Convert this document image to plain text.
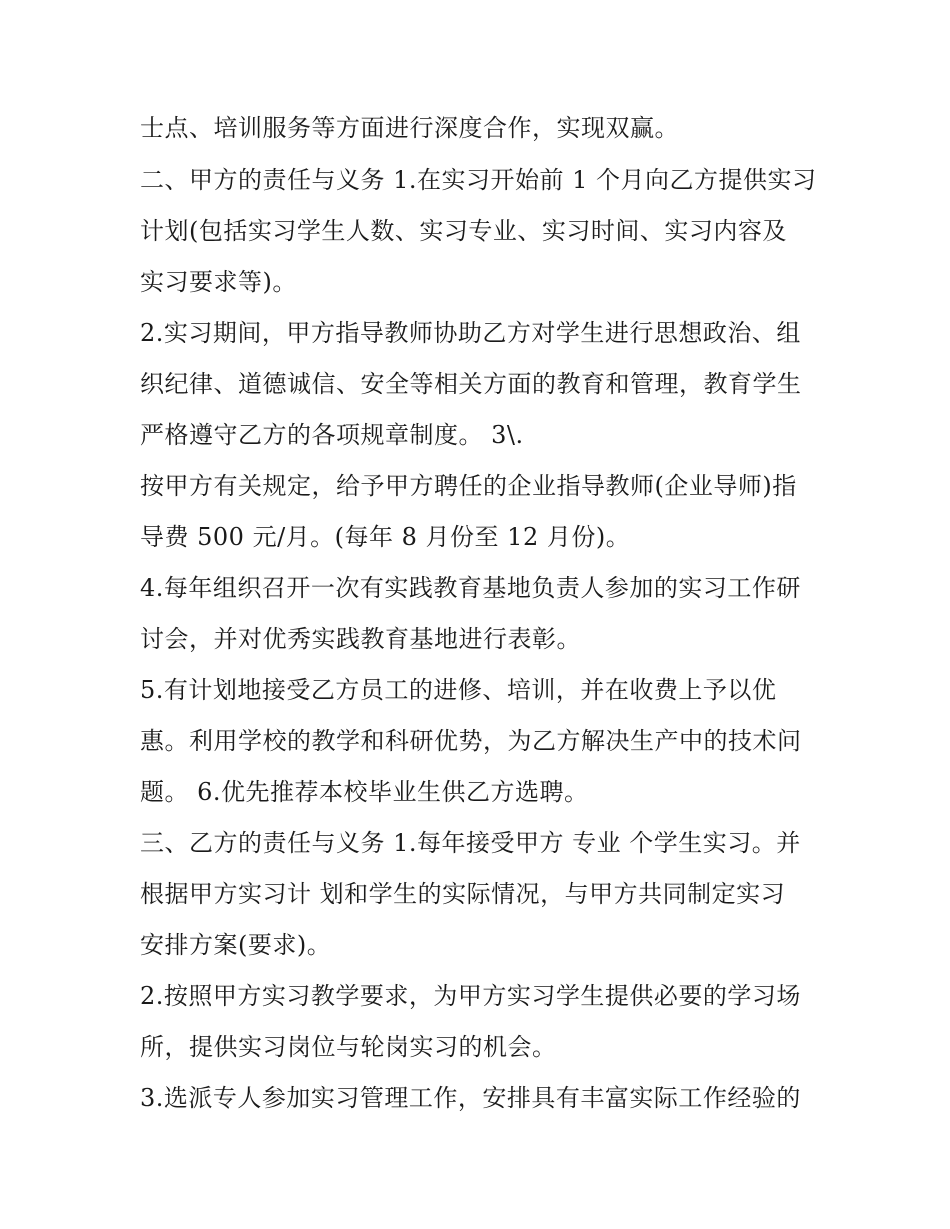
士点、培训服务等方面进行深度合作，实现双赢。
二、甲方的责任与义务 1.在实习开始前 1 个月向乙方提供实习
计划(包括实习学生人数、实习专业、实习时间、实习内容及
实习要求等)。
2.实习期间，甲方指导教师协助乙方对学生进行思想政治、组
织纪律、道德诚信、安全等相关方面的教育和管理，教育学生
严格遵守乙方的各项规章制度。 3\.
按甲方有关规定，给予甲方聘任的企业指导教师(企业导师)指
导费 500 元/月。(每年 8 月份至 12 月份)。
4.每年组织召开一次有实践教育基地负责人参加的实习工作研
讨会，并对优秀实践教育基地进行表彰。
5.有计划地接受乙方员工的进修、培训，并在收费上予以优
惠。利用学校的教学和科研优势，为乙方解决生产中的技术问
题。 6.优先推荐本校毕业生供乙方选聘。
三、乙方的责任与义务 1.每年接受甲方 专业 个学生实习。并
根据甲方实习计 划和学生的实际情况，与甲方共同制定实习
安排方案(要求)。
2.按照甲方实习教学要求，为甲方实习学生提供必要的学习场
所，提供实习岗位与轮岗实习的机会。
3.选派专人参加实习管理工作，安排具有丰富实际工作经验的
